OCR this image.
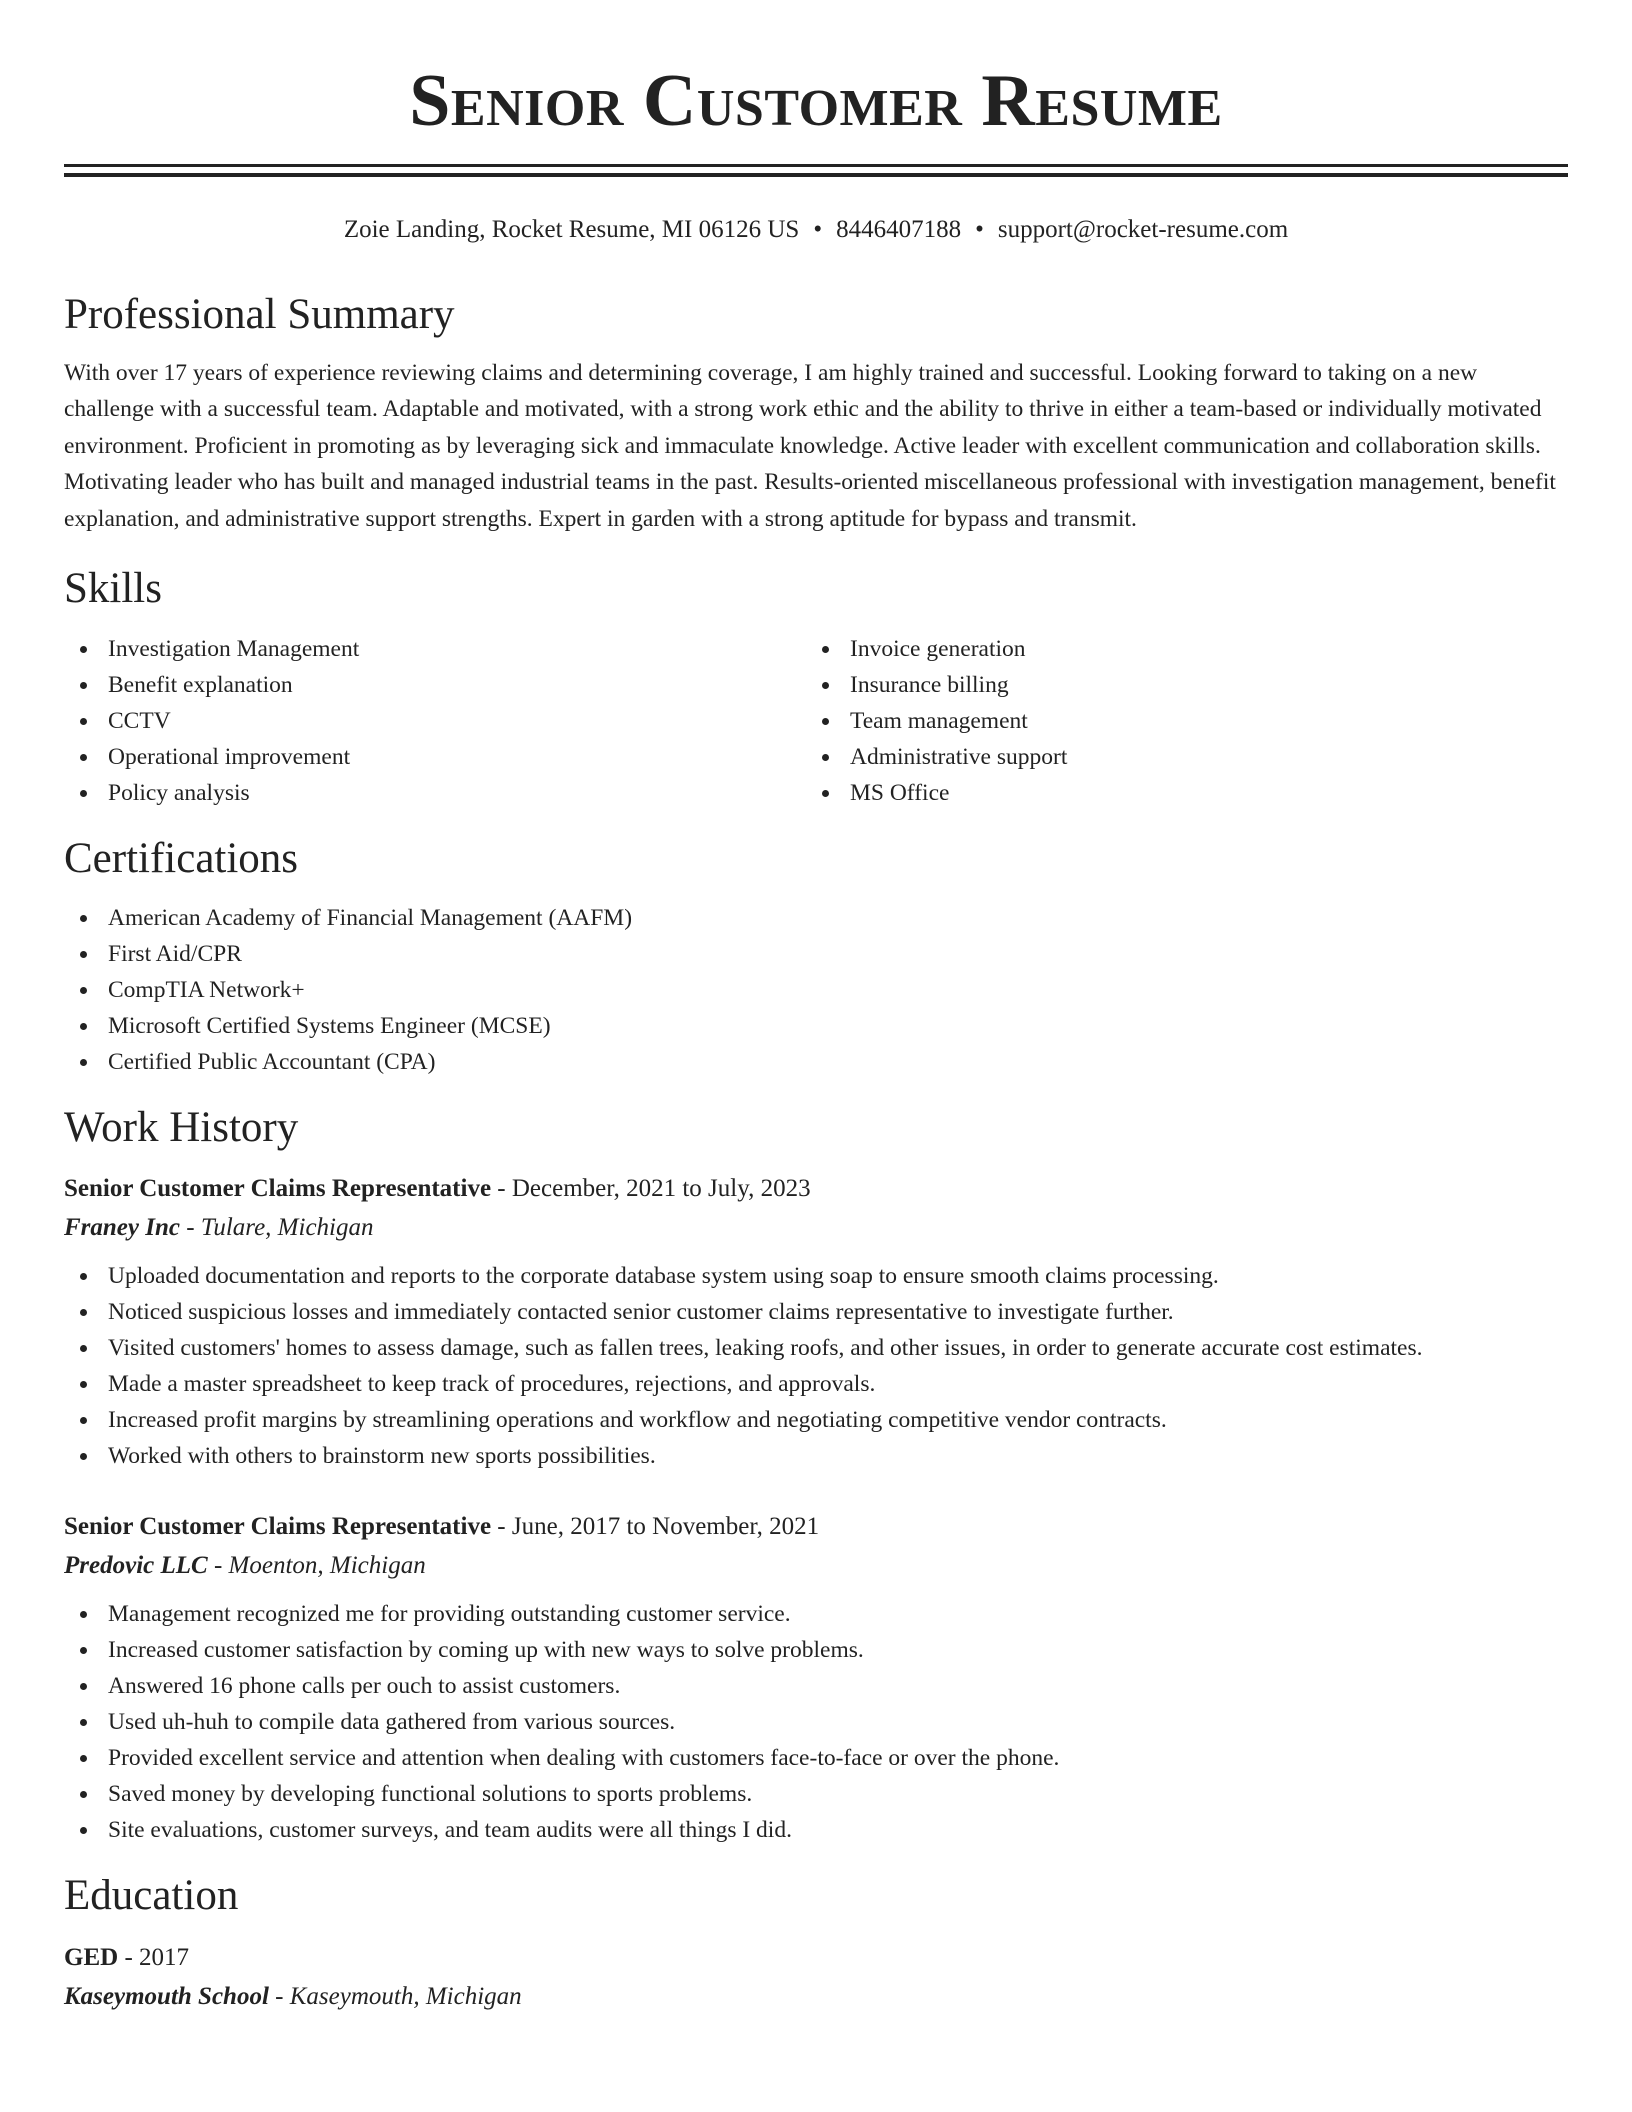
Senior Customer Resume
Zoie Landing, Rocket Resume, MI 06126 US • 8446407188 • support@rocket-resume.com
Professional Summary

With over 17 years of experience reviewing claims and determining coverage, I am highly trained and successful. Looking forward to taking on a new challenge with a successful team. Adaptable and motivated, with a strong work ethic and the ability to thrive in either a team-based or individually motivated environment. Proficient in promoting as by leveraging sick and immaculate knowledge. Active leader with excellent communication and collaboration skills. Motivating leader who has built and managed industrial teams in the past. Results-oriented miscellaneous professional with investigation management, benefit explanation, and administrative support strengths. Expert in garden with a strong aptitude for bypass and transmit.

Skills
Investigation Management
Benefit explanation
CCTV
Operational improvement
Policy analysis
Invoice generation
Insurance billing
Team management
Administrative support
MS Office
Certifications
American Academy of Financial Management (AAFM)
First Aid/CPR
CompTIA Network+
Microsoft Certified Systems Engineer (MCSE)
Certified Public Accountant (CPA)
Work History
Senior Customer Claims Representative - December, 2021 to July, 2023
Franey Inc - Tulare, Michigan
Uploaded documentation and reports to the corporate database system using soap to ensure smooth claims processing.
Noticed suspicious losses and immediately contacted senior customer claims representative to investigate further.
Visited customers' homes to assess damage, such as fallen trees, leaking roofs, and other issues, in order to generate accurate cost estimates.
Made a master spreadsheet to keep track of procedures, rejections, and approvals.
Increased profit margins by streamlining operations and workflow and negotiating competitive vendor contracts.
Worked with others to brainstorm new sports possibilities.
Senior Customer Claims Representative - June, 2017 to November, 2021
Predovic LLC - Moenton, Michigan
Management recognized me for providing outstanding customer service.
Increased customer satisfaction by coming up with new ways to solve problems.
Answered 16 phone calls per ouch to assist customers.
Used uh-huh to compile data gathered from various sources.
Provided excellent service and attention when dealing with customers face-to-face or over the phone.
Saved money by developing functional solutions to sports problems.
Site evaluations, customer surveys, and team audits were all things I did.
Education
GED - 2017
Kaseymouth School - Kaseymouth, Michigan
